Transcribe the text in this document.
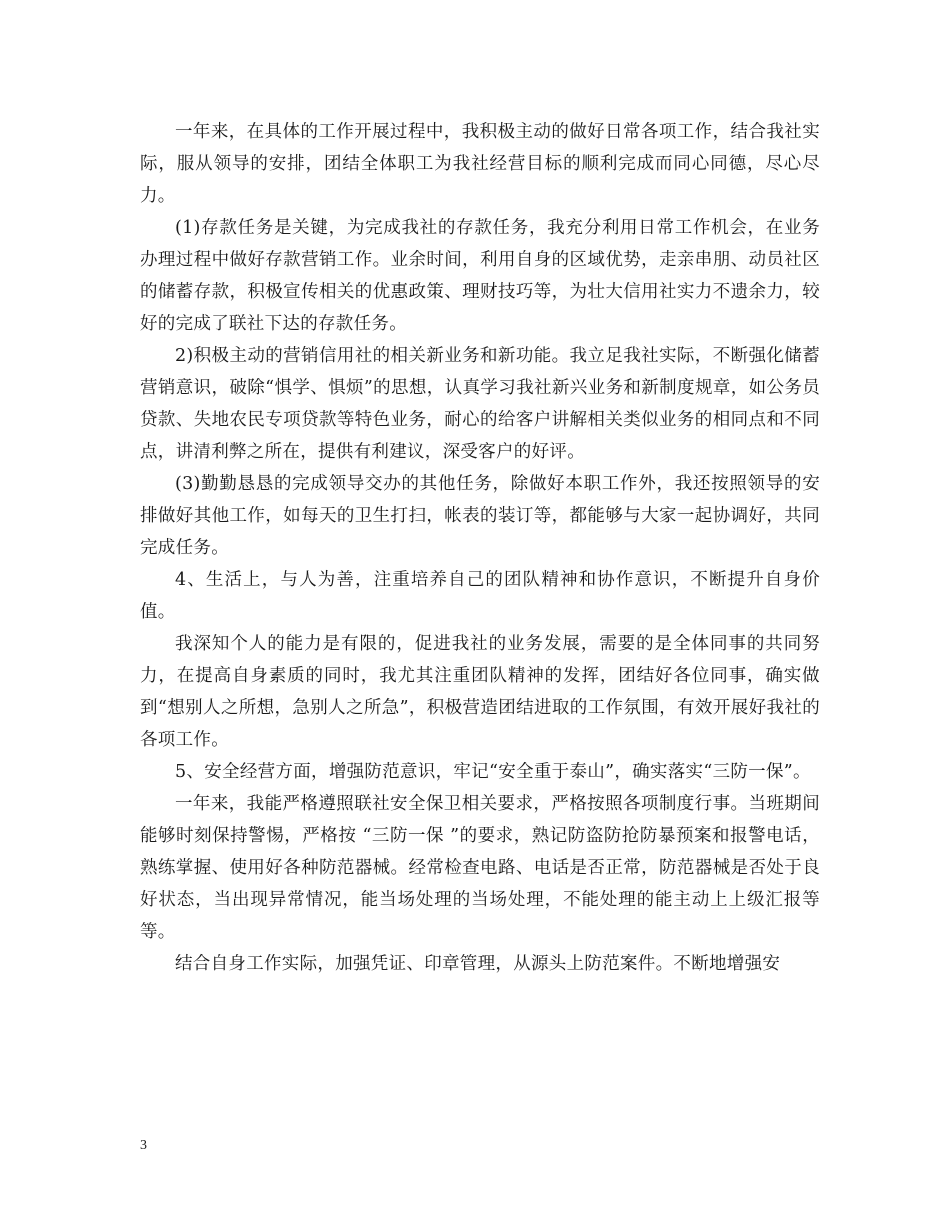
一年来，在具体的工作开展过程中，我积极主动的做好日常各项工作，结合我社实际，服从领导的安排，团结全体职工为我社经营目标的顺利完成而同心同德，尽心尽力。

(1)存款任务是关键，为完成我社的存款任务，我充分利用日常工作机会，在业务办理过程中做好存款营销工作。业余时间，利用自身的区域优势，走亲串朋、动员社区的储蓄存款，积极宣传相关的优惠政策、理财技巧等，为壮大信用社实力不遗余力，较好的完成了联社下达的存款任务。

2)积极主动的营销信用社的相关新业务和新功能。我立足我社实际，不断强化储蓄营销意识，破除“惧学、惧烦”的思想，认真学习我社新兴业务和新制度规章，如公务员贷款、失地农民专项贷款等特色业务，耐心的给客户讲解相关类似业务的相同点和不同点，讲清利弊之所在，提供有利建议，深受客户的好评。

(3)勤勤恳恳的完成领导交办的其他任务，除做好本职工作外，我还按照领导的安排做好其他工作，如每天的卫生打扫，帐表的装订等，都能够与大家一起协调好，共同完成任务。

4、生活上，与人为善，注重培养自己的团队精神和协作意识，不断提升自身价值。

我深知个人的能力是有限的，促进我社的业务发展，需要的是全体同事的共同努力，在提高自身素质的同时，我尤其注重团队精神的发挥，团结好各位同事，确实做到“想别人之所想，急别人之所急”，积极营造团结进取的工作氛围，有效开展好我社的各项工作。

5、安全经营方面，增强防范意识，牢记“安全重于泰山”，确实落实“三防一保”。

一年来，我能严格遵照联社安全保卫相关要求，严格按照各项制度行事。当班期间能够时刻保持警惕，严格按 “三防一保 ”的要求，熟记防盗防抢防暴预案和报警电话，熟练掌握、使用好各种防范器械。经常检查电路、电话是否正常，防范器械是否处于良好状态，当出现异常情况，能当场处理的当场处理，不能处理的能主动上上级汇报等等。

结合自身工作实际，加强凭证、印章管理，从源头上防范案件。不断地增强安

3
